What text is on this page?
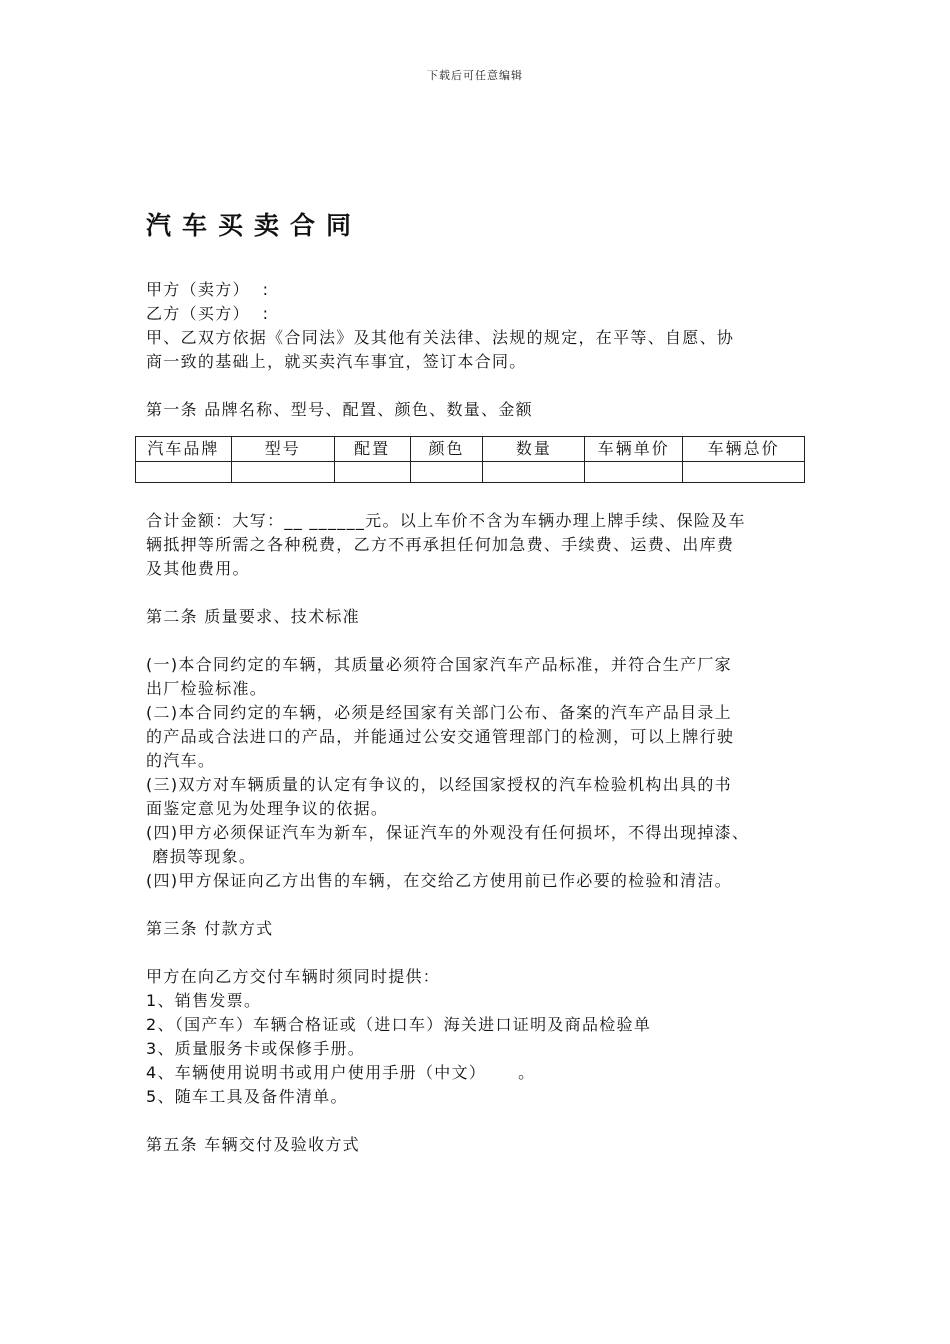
下载后可任意编辑
汽车买卖合同

甲方（卖方）  :

乙方（买方）  :

甲、乙双方依据《合同法》及其他有关法律、法规的规定，在平等、自愿、协

商一致的基础上，就买卖汽车事宜，签订本合同。

第一条 品牌名称、型号、配置、颜色、数量、金额

汽车品牌	型号	配置	颜色	数量	车辆单价	车辆总价

合计金额：大写：__ ______元。以上车价不含为车辆办理上牌手续、保险及车

辆抵押等所需之各种税费，乙方不再承担任何加急费、手续费、运费、出库费

及其他费用。

第二条 质量要求、技术标准

(一)本合同约定的车辆，其质量必须符合国家汽车产品标准，并符合生产厂家

出厂检验标准。

(二)本合同约定的车辆，必须是经国家有关部门公布、备案的汽车产品目录上

的产品或合法进口的产品，并能通过公安交通管理部门的检测，可以上牌行驶

的汽车。

(三)双方对车辆质量的认定有争议的，以经国家授权的汽车检验机构出具的书

面鉴定意见为处理争议的依据。

(四)甲方必须保证汽车为新车，保证汽车的外观没有任何损坏，不得出现掉漆、

磨损等现象。

(四)甲方保证向乙方出售的车辆，在交给乙方使用前已作必要的检验和清洁。

第三条 付款方式

甲方在向乙方交付车辆时须同时提供：

1、销售发票。

2、（国产车）车辆合格证或（进口车）海关进口证明及商品检验单

3、质量服务卡或保修手册。

4、车辆使用说明书或用户使用手册（中文）     。

5、随车工具及备件清单。

第五条 车辆交付及验收方式
